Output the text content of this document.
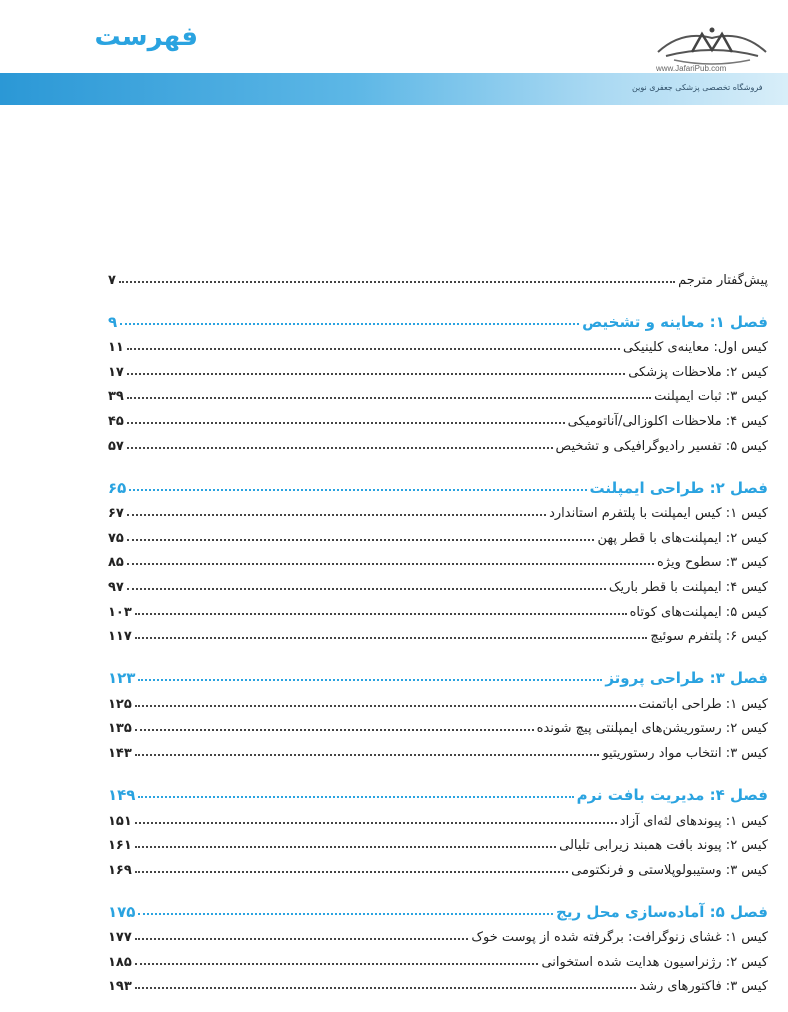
فهرست
www.JafariPub.com
فروشگاه تخصصی پزشکی جعفری نوین
پیش‌گفتار مترجم
۷
فصل ۱: معاینه و تشخیص
۹
کیس اول: معاینه‌ی کلینیکی
۱۱
کیس ۲: ملاحظات پزشکی
۱۷
کیس ۳: ثبات ایمپلنت
۳۹
کیس ۴: ملاحظات اکلوزالی/آناتومیکی
۴۵
کیس ۵: تفسیر رادیوگرافیکی و تشخیص
۵۷
فصل ۲: طراحی ایمپلنت
۶۵
کیس ۱: کیس ایمپلنت با پلتفرم استاندارد
۶۷
کیس ۲: ایمپلنت‌های با قطر پهن
۷۵
کیس ۳: سطوح ویژه
۸۵
کیس ۴: ایمپلنت با قطر باریک
۹۷
کیس ۵: ایمپلنت‌های کوتاه
۱۰۳
کیس ۶: پلتفرم سوئیچ
۱۱۷
فصل ۳: طراحی پروتز
۱۲۳
کیس ۱: طراحی اباتمنت
۱۲۵
کیس ۲: رستوریشن‌های ایمپلنتی پیچ شونده
۱۳۵
کیس ۳: انتخاب مواد رستوریتیو
۱۴۳
فصل ۴: مدیریت بافت نرم
۱۴۹
کیس ۱: پیوندهای لثه‌ای آزاد
۱۵۱
کیس ۲: پیوند بافت همبند زیرابی تلیالی
۱۶۱
کیس ۳: وستیبولوپلاستی و فرنکتومی
۱۶۹
فصل ۵: آماده‌سازی محل ریج
۱۷۵
کیس ۱: غشای زنوگرافت: برگرفته شده از پوست خوک
۱۷۷
کیس ۲: رژنراسیون هدایت شده استخوانی
۱۸۵
کیس ۳: فاکتورهای رشد
۱۹۳
